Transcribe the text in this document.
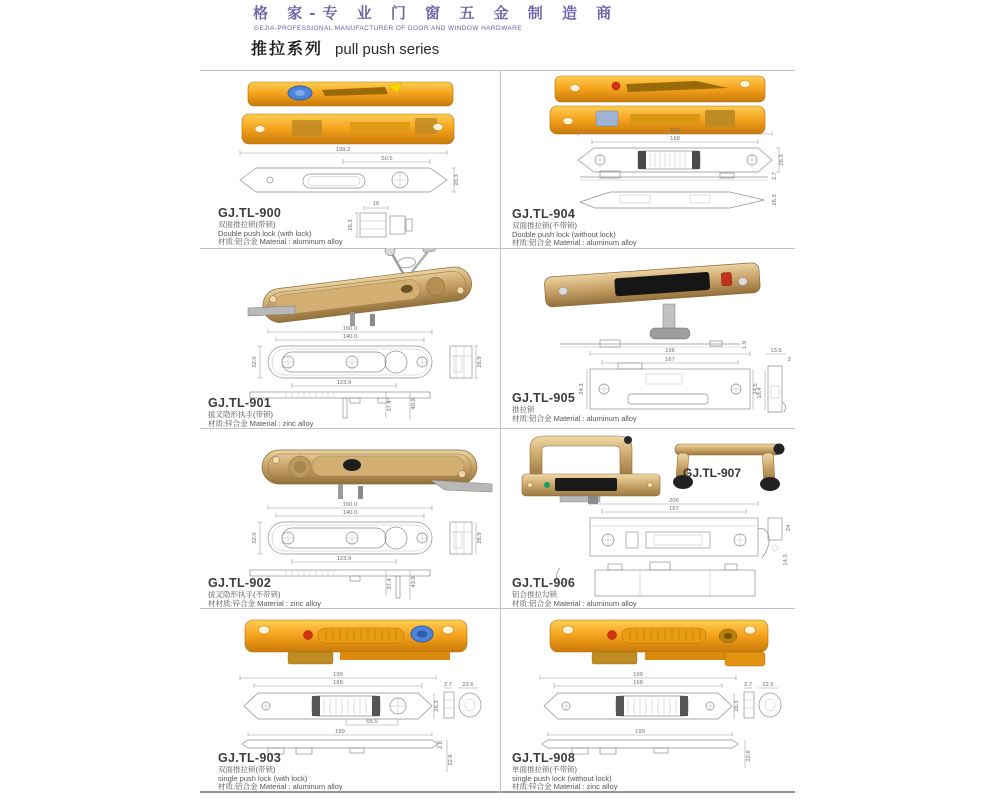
格 家-专 业 门 窗 五 金 制 造 商
GEJIA-PROFESSIONAL MANUFACTURER OF DOOR AND WINDOW HARDWARE
推拉系列 pull push series
199.2
50.5
28.3
16
26.3
GJ.TL-900
双面推拉锁(带锁)
Double push lock (with lock)
材质:铝合金 Material : aluminum alloy
199
168
26.3
2.7
26.3
GJ.TL-904
双面推拉锁(不带锁)
Double push lock (without lock)
材质:铝合金 Material : aluminum alloy
160.0
140.0
32.0	26.9
123.9
37.4	40.9
GJ.TL-901
拔叉隐形执手(带锁)
材质:锌合金 Material : zinc alloy
1.9
196
167
24.3	24.5
13.5
3
18.4
GJ.TL-905
推拉锁
材质:铝合金 Material : aluminum alloy
160.0
140.0
32.0	26.9
123.9
37.4	43.9
GJ.TL-902
拔叉隐形执手(不带锁)
材材质:锌合金 Material : zinc alloy
200
167
24
14.3
GJ.TL-907
GJ.TL-906
铝合推拉勾锁
材质:铝合金 Material : aluminum alloy
199
168
65.5
26.3
2.7 22.6
199
2.8
22.6
GJ.TL-903
双面推拉锁(带锁)
single push lock (with lock)
材质:铝合金 Material : aluminum alloy
199
168
26.3
2.7 22.5
199
22.6
GJ.TL-908
单面推拉锁(不带锁)
single push lock (without lock)
材质:锌合金 Material : zinc alloy
